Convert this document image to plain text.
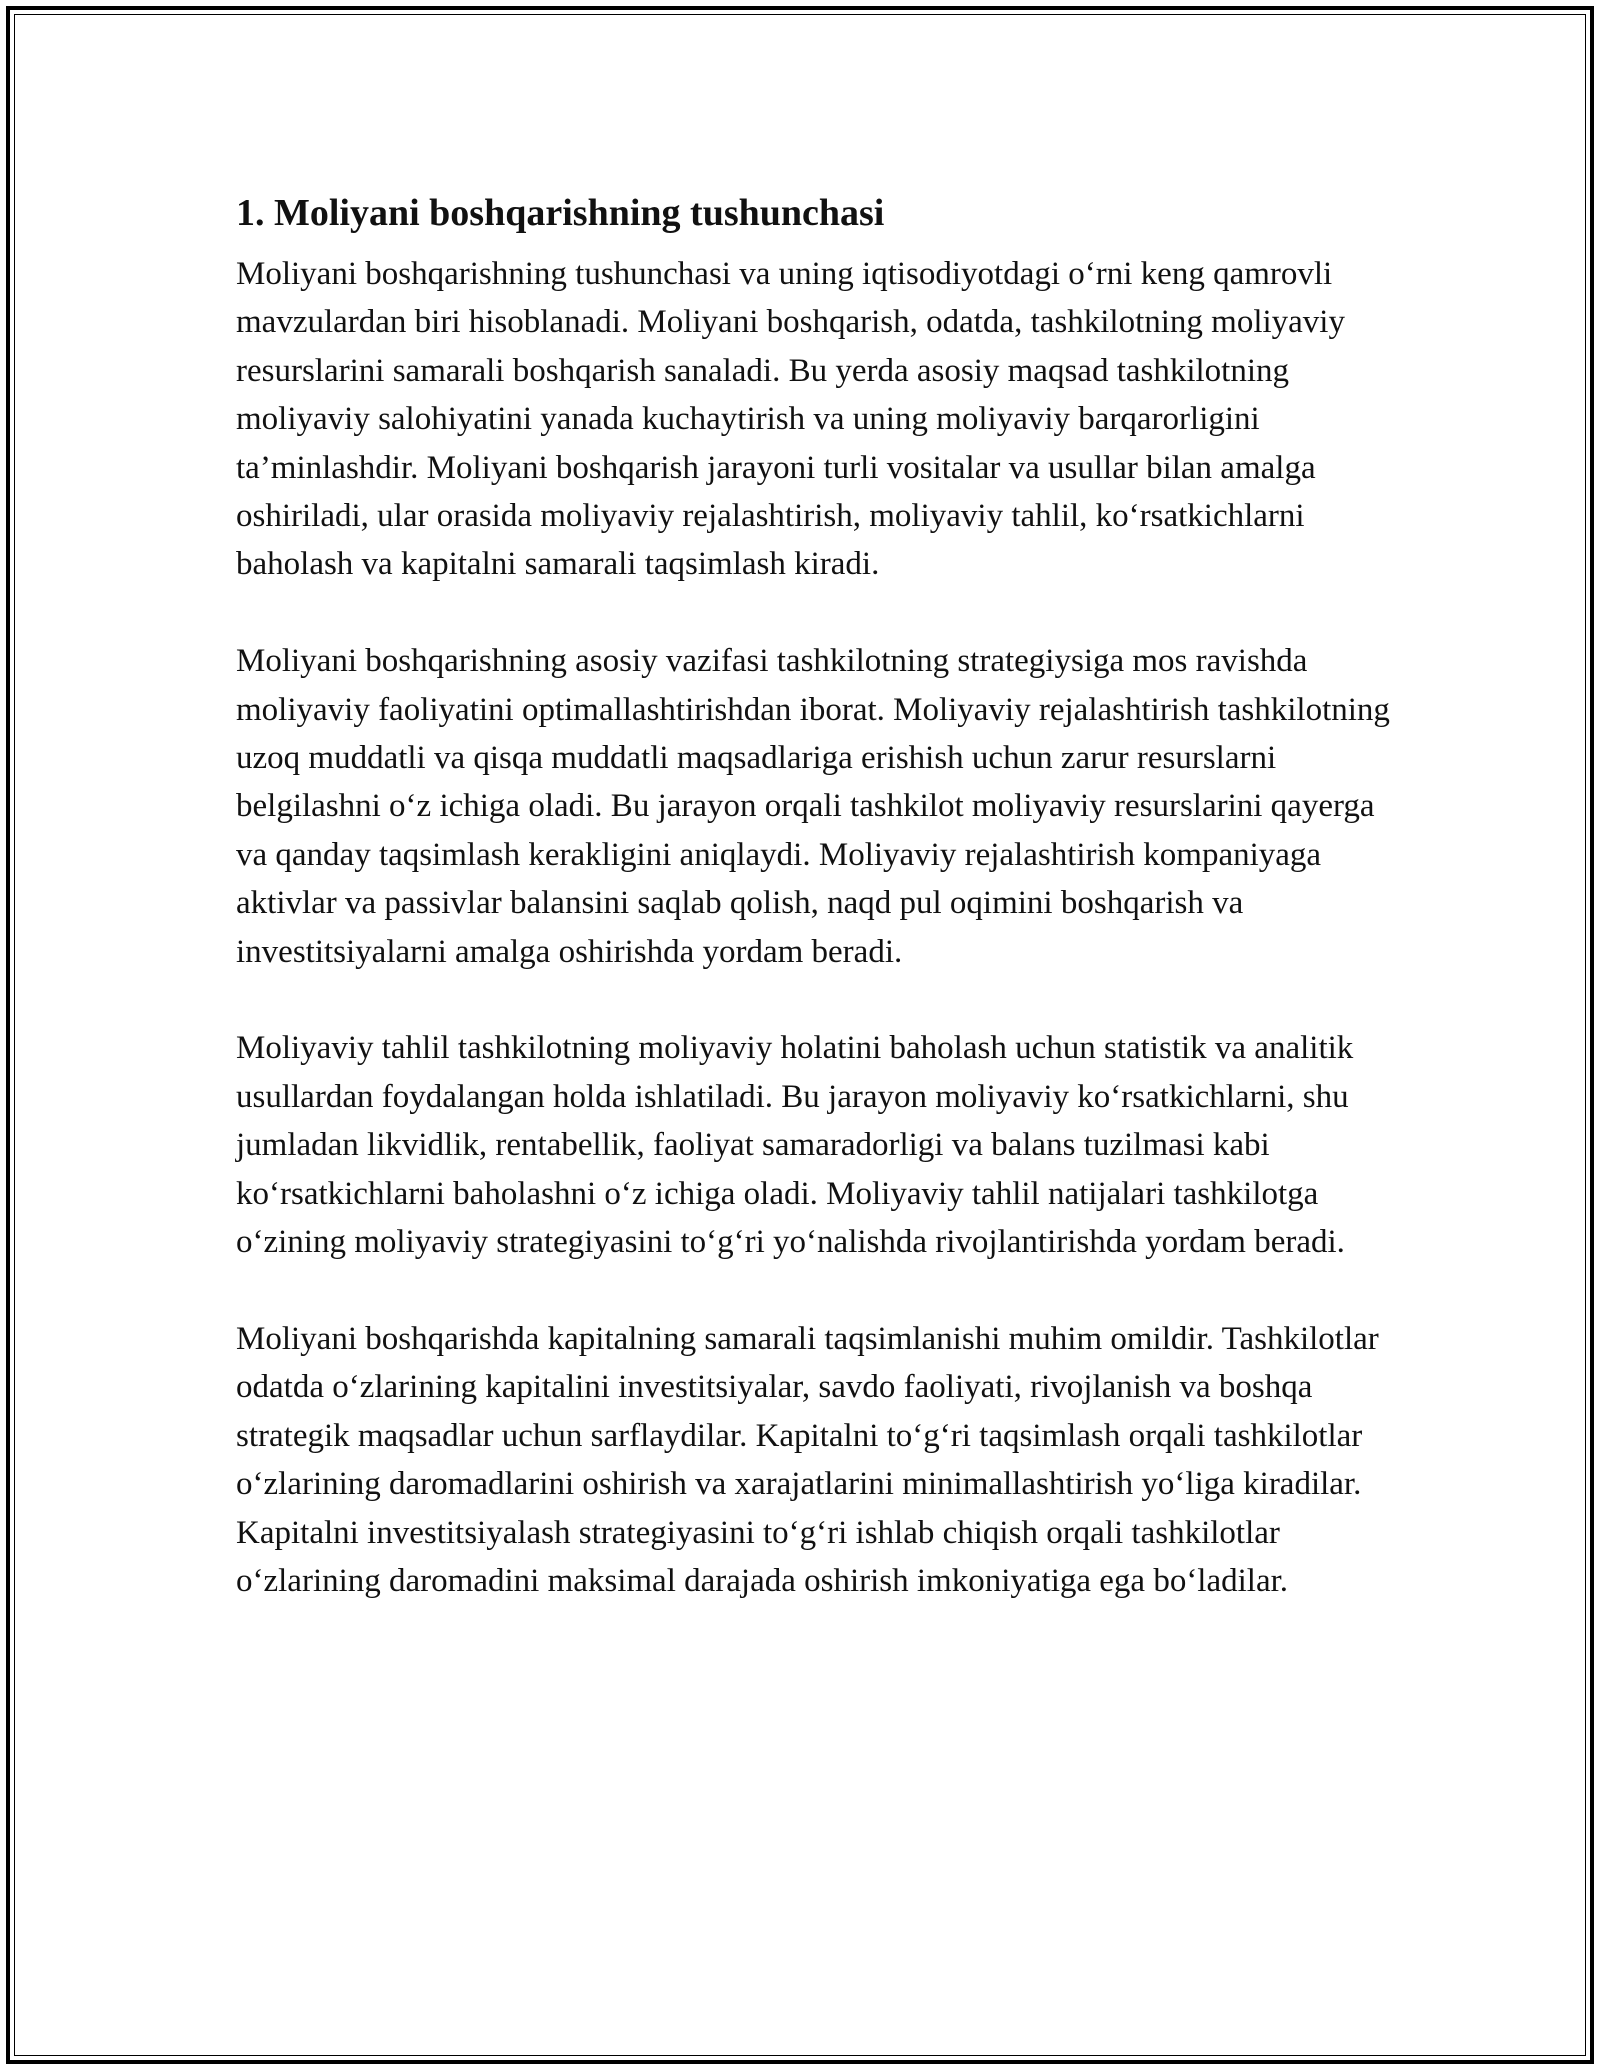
1. Moliyani boshqarishning tushunchasi

Moliyani boshqarishning tushunchasi va uning iqtisodiyotdagi o‘rni keng qamrovli mavzulardan biri hisoblanadi. Moliyani boshqarish, odatda, tashkilotning moliyaviy resurslarini samarali boshqarish sanaladi. Bu yerda asosiy maqsad tashkilotning moliyaviy salohiyatini yanada kuchaytirish va uning moliyaviy barqarorligini ta’minlashdir. Moliyani boshqarish jarayoni turli vositalar va usullar bilan amalga oshiriladi, ular orasida moliyaviy rejalashtirish, moliyaviy tahlil, ko‘rsatkichlarni baholash va kapitalni samarali taqsimlash kiradi.

Moliyani boshqarishning asosiy vazifasi tashkilotning strategiysiga mos ravishda moliyaviy faoliyatini optimallashtirishdan iborat. Moliyaviy rejalashtirish tashkilotning uzoq muddatli va qisqa muddatli maqsadlariga erishish uchun zarur resurslarni belgilashni o‘z ichiga oladi. Bu jarayon orqali tashkilot moliyaviy resurslarini qayerga va qanday taqsimlash kerakligini aniqlaydi. Moliyaviy rejalashtirish kompaniyaga aktivlar va passivlar balansini saqlab qolish, naqd pul oqimini boshqarish va investitsiyalarni amalga oshirishda yordam beradi.

Moliyaviy tahlil tashkilotning moliyaviy holatini baholash uchun statistik va analitik usullardan foydalangan holda ishlatiladi. Bu jarayon moliyaviy ko‘rsatkichlarni, shu jumladan likvidlik, rentabellik, faoliyat samaradorligi va balans tuzilmasi kabi ko‘rsatkichlarni baholashni o‘z ichiga oladi. Moliyaviy tahlil natijalari tashkilotga o‘zining moliyaviy strategiyasini to‘g‘ri yo‘nalishda rivojlantirishda yordam beradi.

Moliyani boshqarishda kapitalning samarali taqsimlanishi muhim omildir. Tashkilotlar odatda o‘zlarining kapitalini investitsiyalar, savdo faoliyati, rivojlanish va boshqa strategik maqsadlar uchun sarflaydilar. Kapitalni to‘g‘ri taqsimlash orqali tashkilotlar o‘zlarining daromadlarini oshirish va xarajatlarini minimallashtirish yo‘liga kiradilar. Kapitalni investitsiyalash strategiyasini to‘g‘ri ishlab chiqish orqali tashkilotlar o‘zlarining daromadini maksimal darajada oshirish imkoniyatiga ega bo‘ladilar.
